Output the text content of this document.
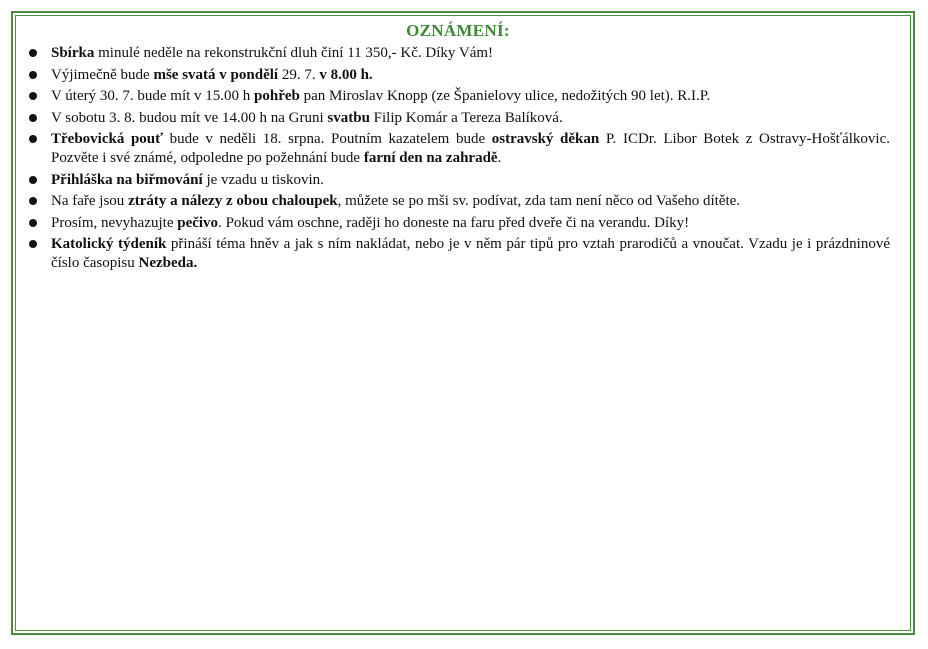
OZNÁMENÍ:
Sbírka minulé neděle na rekonstrukční dluh činí 11 350,- Kč. Díky Vám!
Výjimečně bude mše svatá v pondělí 29. 7. v 8.00 h.
V úterý 30. 7. bude mít v 15.00 h pohřeb pan Miroslav Knopp (ze Španielovy ulice, nedožitých 90 let). R.I.P.
V sobotu 3. 8. budou mít ve 14.00 h na Gruni svatbu Filip Komár a Tereza Balíková.
Třebovická pouť bude v neděli 18. srpna. Poutním kazatelem bude ostravský děkan P. ICDr. Libor Botek z Ostravy-Hošťálkovic. Pozvěte i své známé, odpoledne po požehnání bude farní den na zahradě.
Přihláška na biřmování je vzadu u tiskovin.
Na faře jsou ztráty a nálezy z obou chaloupek, můžete se po mši sv. podívat, zda tam není něco od Vašeho dítěte.
Prosím, nevyhazujte pečivo. Pokud vám oschne, raději ho doneste na faru před dveře či na verandu. Díky!
Katolický týdeník přináší téma hněv a jak s ním nakládat, nebo je v něm pár tipů pro vztah prarodičů a vnoučat. Vzadu je i prázdninové číslo časopisu Nezbeda.
